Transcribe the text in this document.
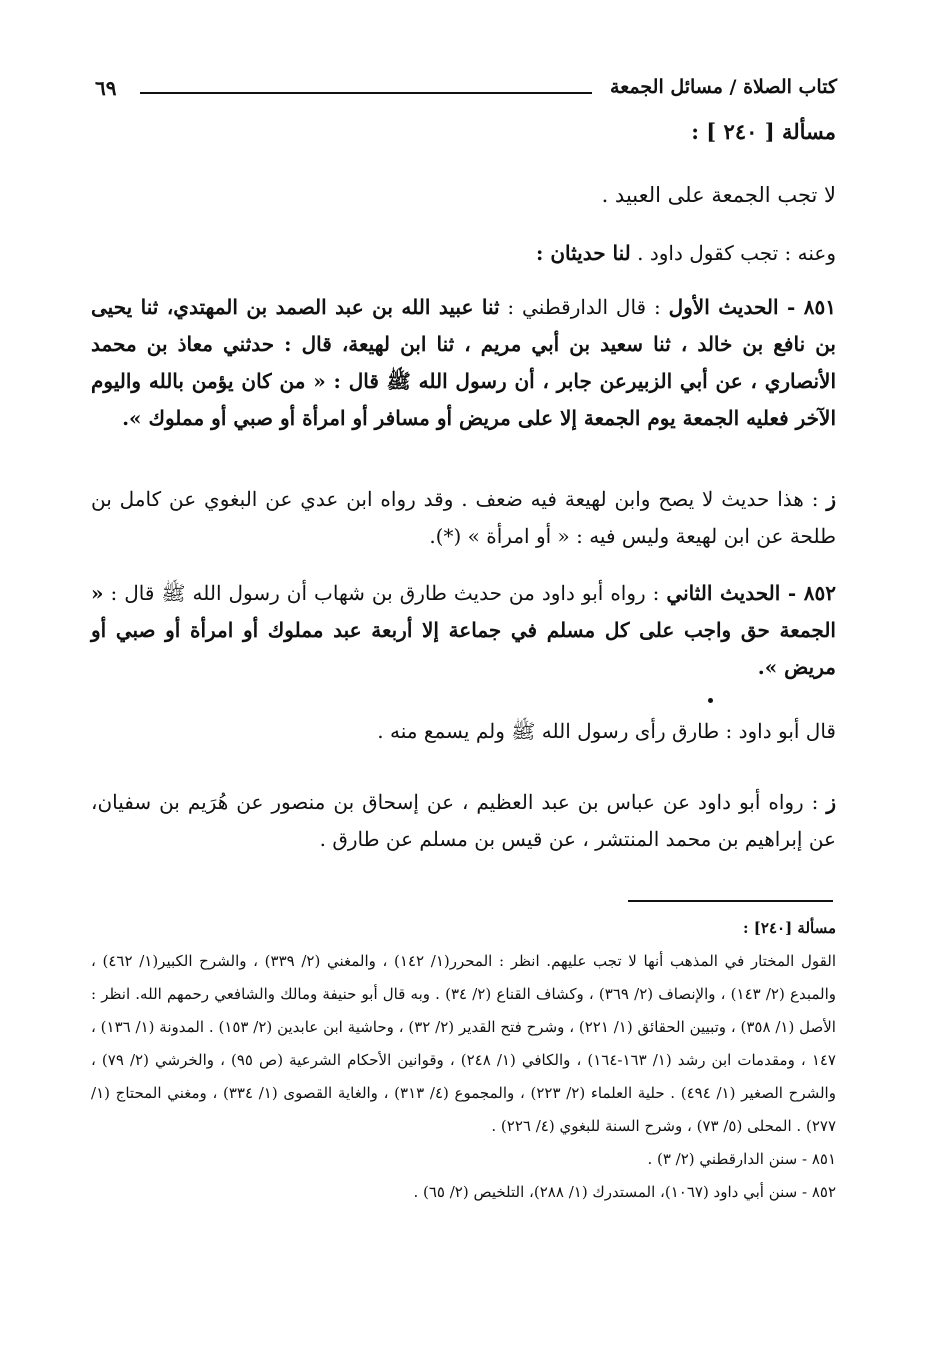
كتاب الصلاة / مسائل الجمعة
٦٩

مسألة [ ٢٤٠ ] :

لا تجب الجمعة على العبيد .

وعنه : تجب كقول داود . لنا حديثان :

٨٥١ - الحديث الأول : قال الدارقطني : ثنا عبيد الله بن عبد الصمد بن المهتدي، ثنا يحيى بن نافع بن خالد ، ثنا سعيد بن أبي مريم ، ثنا ابن لهيعة، قال : حدثني معاذ بن محمد الأنصاري ، عن أبي الزبيرعن جابر ، أن رسول الله ﷺ قال : « من كان يؤمن بالله واليوم الآخر فعليه الجمعة يوم الجمعة إلا على مريض أو مسافر أو امرأة أو صبي أو مملوك ».

ز : هذا حديث لا يصح وابن لهيعة فيه ضعف . وقد رواه ابن عدي عن البغوي عن كامل بن طلحة عن ابن لهيعة وليس فيه : « أو امرأة » (*).

٨٥٢ - الحديث الثاني : رواه أبو داود من حديث طارق بن شهاب أن رسول الله ﷺ قال : « الجمعة حق واجب على كل مسلم في جماعة إلا أربعة عبد مملوك أو امرأة أو صبي أو مريض ».

قال أبو داود : طارق رأى رسول الله ﷺ ولم يسمع منه .

ز : رواه أبو داود عن عباس بن عبد العظيم ، عن إسحاق بن منصور عن هُرَيم بن سفيان، عن إبراهيم بن محمد المنتشر ، عن قيس بن مسلم عن طارق .

مسألة [٢٤٠] :

القول المختار في المذهب أنها لا تجب عليهم. انظر : المحرر(١/ ١٤٢) ، والمغني (٢/ ٣٣٩) ، والشرح الكبير(١/ ٤٦٢) ، والمبدع (٢/ ١٤٣) ، والإنصاف (٢/ ٣٦٩) ، وكشاف القناع (٢/ ٣٤) . وبه قال أبو حنيفة ومالك والشافعي رحمهم الله. انظر : الأصل (١/ ٣٥٨) ، وتبيين الحقائق (١/ ٢٢١) ، وشرح فتح القدير (٢/ ٣٢) ، وحاشية ابن عابدين (٢/ ١٥٣) . المدونة (١/ ١٣٦) ، ١٤٧ ، ومقدمات ابن رشد (١/ ١٦٣-١٦٤) ، والكافي (١/ ٢٤٨) ، وقوانين الأحكام الشرعية (ص ٩٥) ، والخرشي (٢/ ٧٩) ، والشرح الصغير (١/ ٤٩٤) . حلية العلماء (٢/ ٢٢٣) ، والمجموع (٤/ ٣١٣) ، والغاية القصوى (١/ ٣٣٤) ، ومغني المحتاج (١/ ٢٧٧) . المحلى (٥/ ٧٣) ، وشرح السنة للبغوي (٤/ ٢٢٦) .

٨٥١ - سنن الدارقطني (٢/ ٣) .

٨٥٢ - سنن أبي داود (١٠٦٧)، المستدرك (١/ ٢٨٨)، التلخيص (٢/ ٦٥) .
